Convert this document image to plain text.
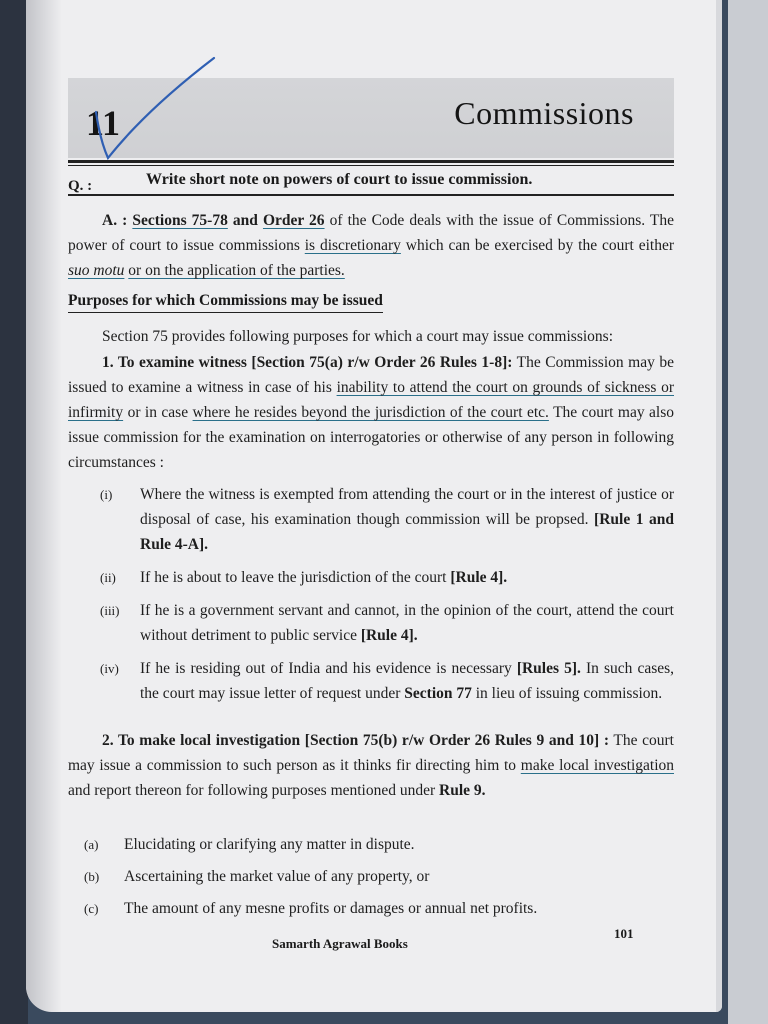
11	Commissions
Q. :	Write short note on powers of court to issue commission.
A. : Sections 75-78 and Order 26 of the Code deals with the issue of Commissions. The power of court to issue commissions is discretionary which can be exercised by the court either suo motu or on the application of the parties.
Purposes for which Commissions may be issued
Section 75 provides following purposes for which a court may issue commissions:
1. To examine witness [Section 75(a) r/w Order 26 Rules 1-8]: The Commission may be issued to examine a witness in case of his inability to attend the court on grounds of sickness or infirmity or in case where he resides beyond the jurisdiction of the court etc. The court may also issue commission for the examination on interrogatories or otherwise of any person in following circumstances :
(i) Where the witness is exempted from attending the court or in the interest of justice or disposal of case, his examination though commission will be propsed. [Rule 1 and Rule 4-A].
(ii) If he is about to leave the jurisdiction of the court [Rule 4].
(iii) If he is a government servant and cannot, in the opinion of the court, attend the court without detriment to public service [Rule 4].
(iv) If he is residing out of India and his evidence is necessary [Rules 5]. In such cases, the court may issue letter of request under Section 77 in lieu of issuing commission.
2. To make local investigation [Section 75(b) r/w Order 26 Rules 9 and 10] : The court may issue a commission to such person as it thinks fir directing him to make local investigation and report thereon for following purposes mentioned under Rule 9.
(a) Elucidating or clarifying any matter in dispute.
(b) Ascertaining the market value of any property, or
(c) The amount of any mesne profits or damages or annual net profits.
Samarth Agrawal Books
101
